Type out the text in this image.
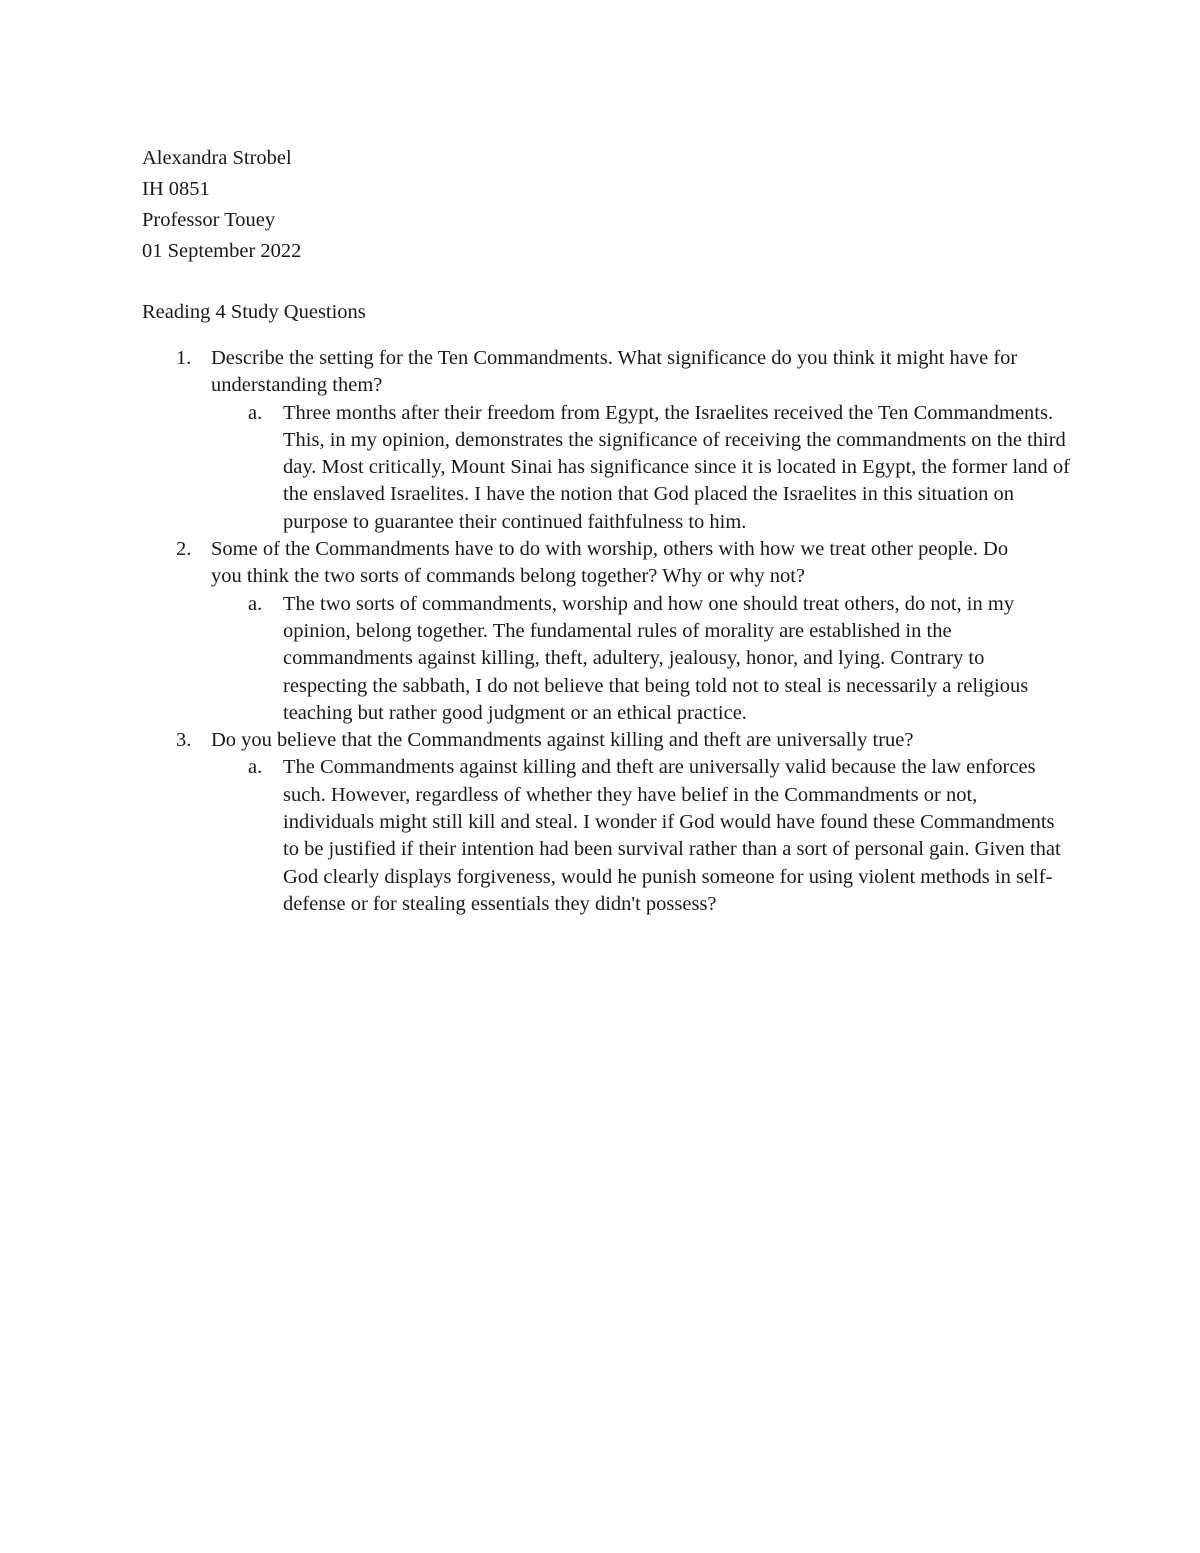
Alexandra Strobel
IH 0851
Professor Touey
01 September 2022
Reading 4 Study Questions
1. Describe the setting for the Ten Commandments. What significance do you think it might have for understanding them?
a. Three months after their freedom from Egypt, the Israelites received the Ten Commandments. This, in my opinion, demonstrates the significance of receiving the commandments on the third day. Most critically, Mount Sinai has significance since it is located in Egypt, the former land of the enslaved Israelites. I have the notion that God placed the Israelites in this situation on purpose to guarantee their continued faithfulness to him.
2. Some of the Commandments have to do with worship, others with how we treat other people. Do you think the two sorts of commands belong together? Why or why not?
a. The two sorts of commandments, worship and how one should treat others, do not, in my opinion, belong together. The fundamental rules of morality are established in the commandments against killing, theft, adultery, jealousy, honor, and lying. Contrary to respecting the sabbath, I do not believe that being told not to steal is necessarily a religious teaching but rather good judgment or an ethical practice.
3. Do you believe that the Commandments against killing and theft are universally true?
a. The Commandments against killing and theft are universally valid because the law enforces such. However, regardless of whether they have belief in the Commandments or not, individuals might still kill and steal. I wonder if God would have found these Commandments to be justified if their intention had been survival rather than a sort of personal gain. Given that God clearly displays forgiveness, would he punish someone for using violent methods in self-defense or for stealing essentials they didn't possess?
